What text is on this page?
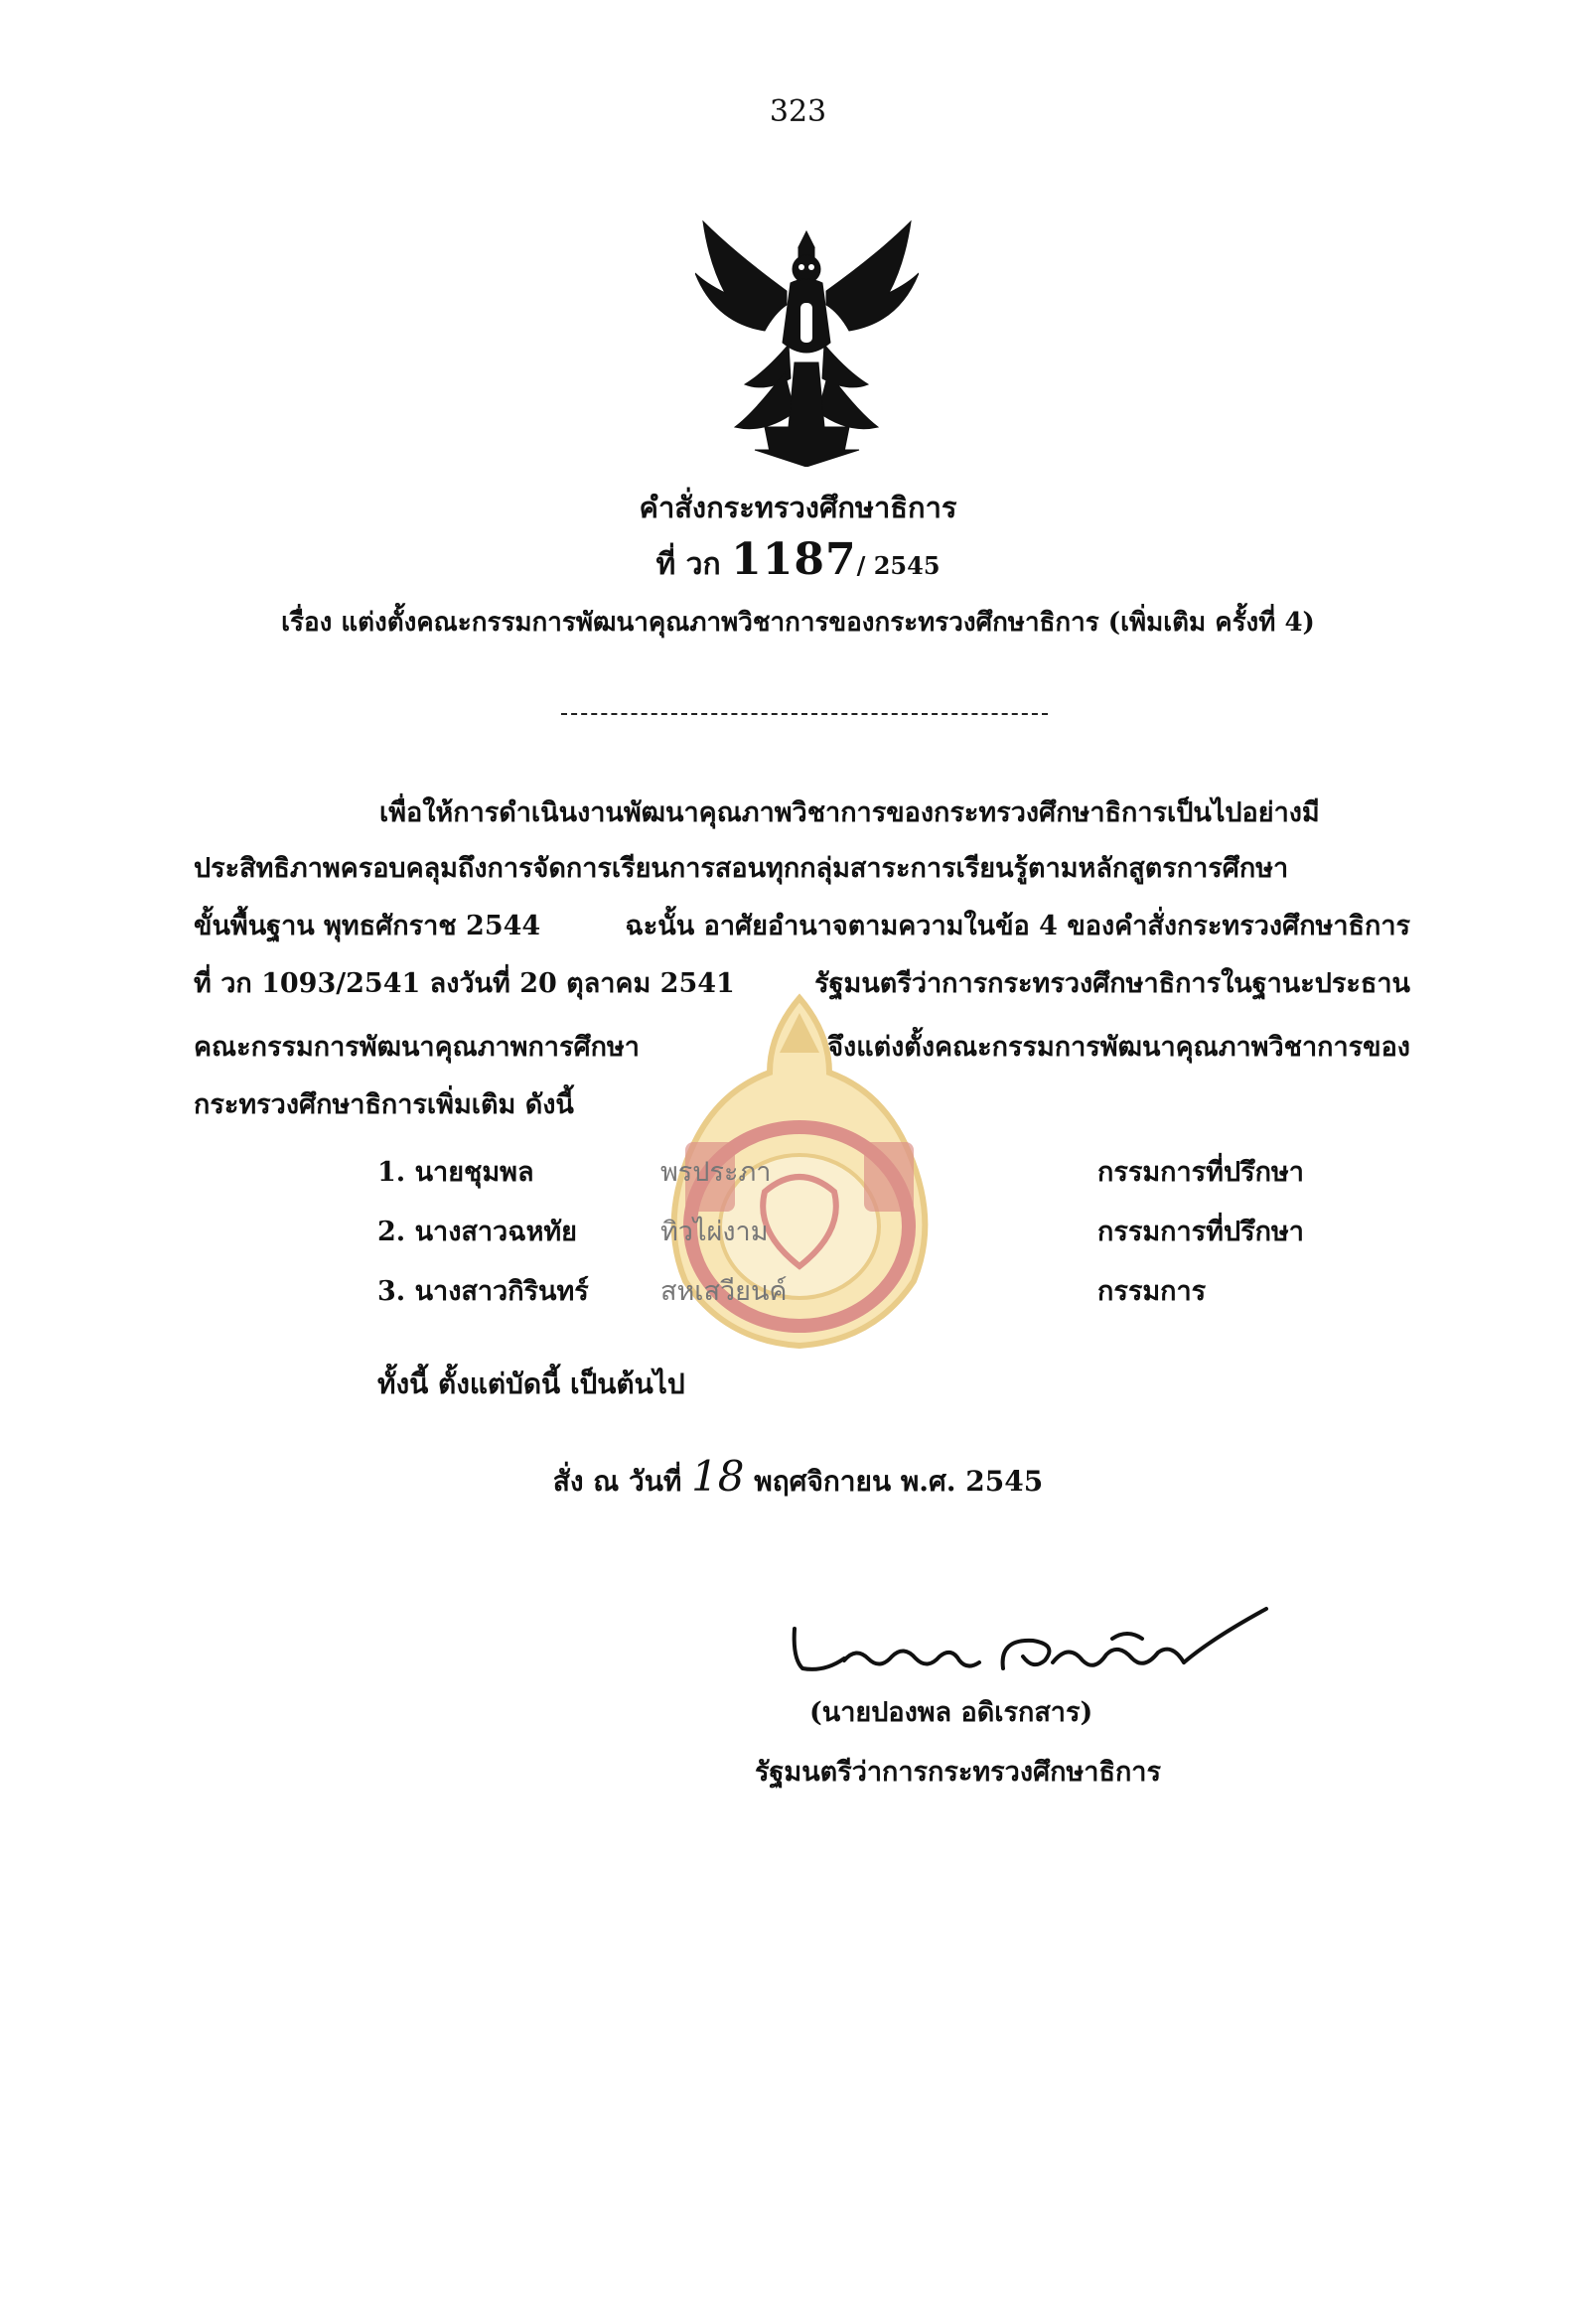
323
คำสั่งกระทรวงศึกษาธิการ
ที่ วก 1187/ 2545
เรื่อง แต่งตั้งคณะกรรมการพัฒนาคุณภาพวิชาการของกระทรวงศึกษาธิการ (เพิ่มเติม ครั้งที่ 4)
เพื่อให้การดำเนินงานพัฒนาคุณภาพวิชาการของกระทรวงศึกษาธิการเป็นไปอย่างมี
ประสิทธิภาพครอบคลุมถึงการจัดการเรียนการสอนทุกกลุ่มสาระการเรียนรู้ตามหลักสูตรการศึกษา
ขั้นพื้นฐาน พุทธศักราช 2544	ฉะนั้น อาศัยอำนาจตามความในข้อ 4 ของคำสั่งกระทรวงศึกษาธิการ
ที่ วก 1093/2541 ลงวันที่ 20 ตุลาคม 2541	รัฐมนตรีว่าการกระทรวงศึกษาธิการในฐานะประธาน
คณะกรรมการพัฒนาคุณภาพการศึกษา	จึงแต่งตั้งคณะกรรมการพัฒนาคุณภาพวิชาการของ
กระทรวงศึกษาธิการเพิ่มเติม ดังนี้
1. นายชุมพล	พรประภา	กรรมการที่ปรึกษา
2. นางสาวฉหทัย	ทิวไผ่งาม	กรรมการที่ปรึกษา
3. นางสาวกิรินทร์	สหเสวียนค์	กรรมการ
ทั้งนี้ ตั้งแต่บัดนี้ เป็นต้นไป
สั่ง ณ วันที่ 18 พฤศจิกายน พ.ศ. 2545
(นายปองพล อดิเรกสาร)
รัฐมนตรีว่าการกระทรวงศึกษาธิการ
